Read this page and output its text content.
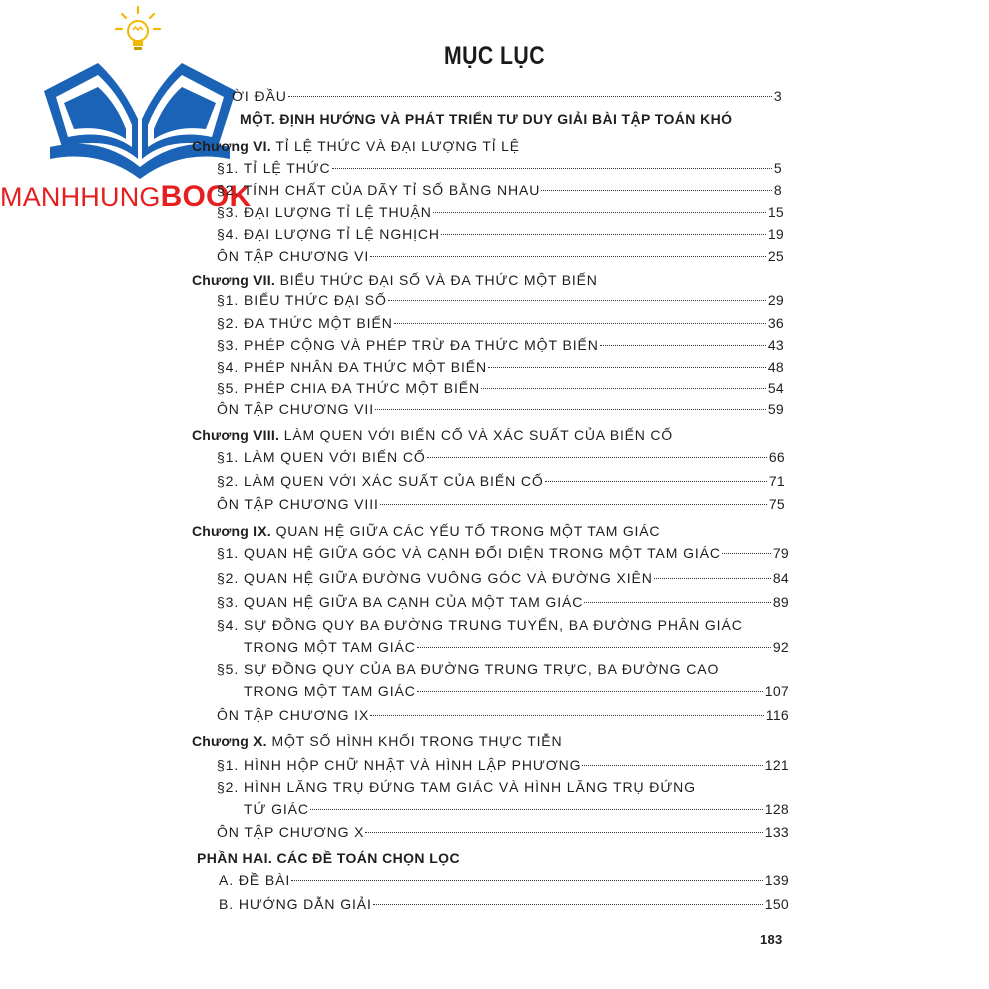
MANHHUNGBOOK
MỤC LỤC
ỜI ĐẦU	3
MỘT. ĐỊNH HƯỚNG VÀ PHÁT TRIỂN TƯ DUY GIẢI BÀI TẬP TOÁN KHÓ
Chương VI. TỈ LỆ THỨC VÀ ĐẠI LƯỢNG TỈ LỆ
§1. TỈ LỆ THỨC	5
§2. TÍNH CHẤT CỦA DÃY TỈ SỐ BẰNG NHAU	8
§3. ĐẠI LƯỢNG TỈ LỆ THUẬN	15
§4. ĐẠI LƯỢNG TỈ LỆ NGHỊCH	19
ÔN TẬP CHƯƠNG VI	25
Chương VII. BIỂU THỨC ĐẠI SỐ VÀ ĐA THỨC MỘT BIẾN
§1. BIỂU THỨC ĐẠI SỐ	29
§2. ĐA THỨC MỘT BIẾN	36
§3. PHÉP CỘNG VÀ PHÉP TRỪ ĐA THỨC MỘT BIẾN	43
§4. PHÉP NHÂN ĐA THỨC MỘT BIẾN	48
§5. PHÉP CHIA ĐA THỨC MỘT BIẾN	54
ÔN TẬP CHƯƠNG VII	59
Chương VIII. LÀM QUEN VỚI BIẾN CỐ VÀ XÁC SUẤT CỦA BIẾN CỐ
§1. LÀM QUEN VỚI BIẾN CỐ	66
§2. LÀM QUEN VỚI XÁC SUẤT CỦA BIẾN CỐ	71
ÔN TẬP CHƯƠNG VIII	75
Chương IX. QUAN HỆ GIỮA CÁC YẾU TỐ TRONG MỘT TAM GIÁC
§1. QUAN HỆ GIỮA GÓC VÀ CẠNH ĐỐI DIỆN TRONG MỘT TAM GIÁC	79
§2. QUAN HỆ GIỮA ĐƯỜNG VUÔNG GÓC VÀ ĐƯỜNG XIÊN	84
§3. QUAN HỆ GIỮA BA CẠNH CỦA MỘT TAM GIÁC	89
§4. SỰ ĐỒNG QUY BA ĐƯỜNG TRUNG TUYẾN, BA ĐƯỜNG PHÂN GIÁC
TRONG MỘT TAM GIÁC	92
§5. SỰ ĐỒNG QUY CỦA BA ĐƯỜNG TRUNG TRỰC, BA ĐƯỜNG CAO
TRONG MỘT TAM GIÁC	107
ÔN TẬP CHƯƠNG IX	116
Chương X. MỘT SỐ HÌNH KHỐI TRONG THỰC TIỄN
§1. HÌNH HỘP CHỮ NHẬT VÀ HÌNH LẬP PHƯƠNG	121
§2. HÌNH LĂNG TRỤ ĐỨNG TAM GIÁC VÀ HÌNH LĂNG TRỤ ĐỨNG
TỨ GIÁC	128
ÔN TẬP CHƯƠNG X	133
PHẦN HAI. CÁC ĐỀ TOÁN CHỌN LỌC
A. ĐỀ BÀI	139
B. HƯỚNG DẪN GIẢI	150
183
